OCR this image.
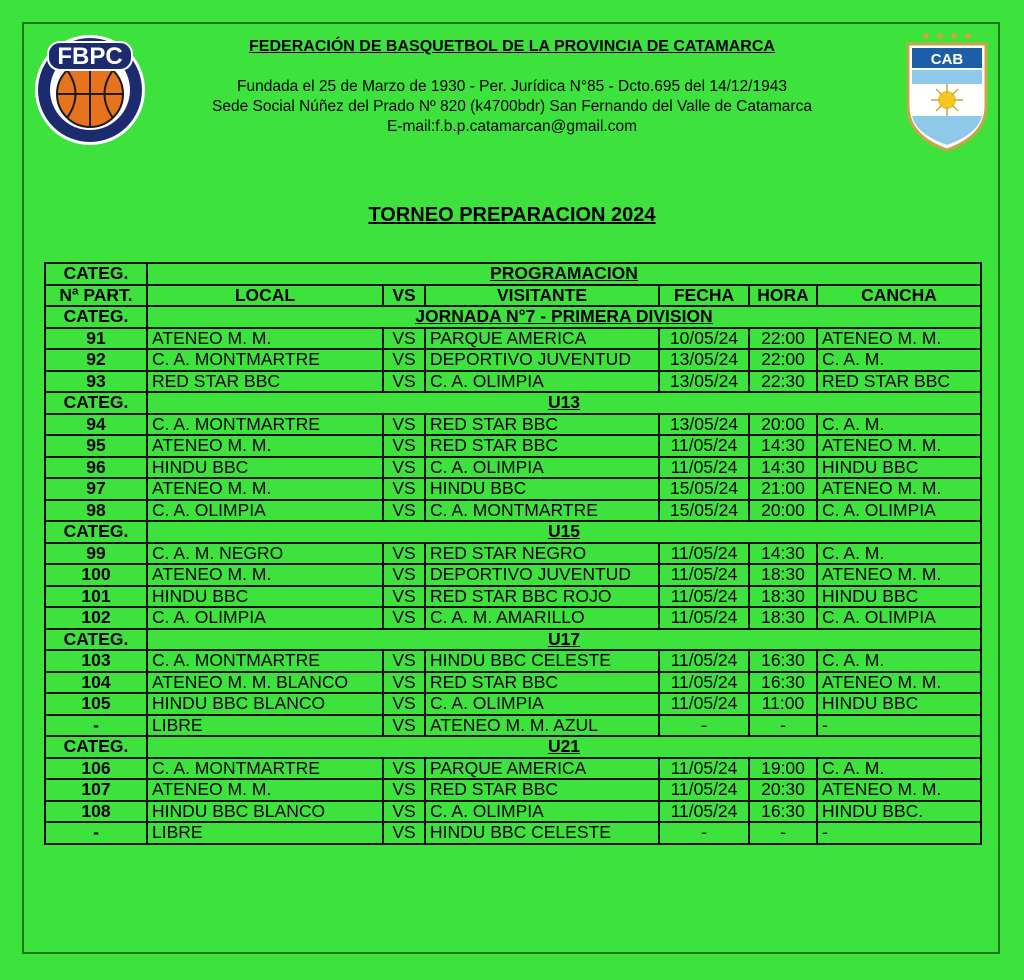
FBPC	CAB
FEDERACIÓN DE BASQUETBOL DE LA PROVINCIA DE CATAMARCA
Fundada el 25 de Marzo de 1930 - Per. Jurídica N°85 - Dcto.695 del 14/12/1943
Sede Social Núñez del Prado Nº 820 (k4700bdr) San Fernando del Valle de Catamarca
E-mail:f.b.p.catamarcan@gmail.com
TORNEO PREPARACION 2024
CATEG.	PROGRAMACION					
Nª PART.	LOCAL	VS	VISITANTE	FECHA	HORA	CANCHA
CATEG.	JORNADA N°7 - PRIMERA DIVISION					
91	ATENEO M. M.	VS	PARQUE AMERICA	10/05/24	22:00	ATENEO M. M.
92	C. A. MONTMARTRE	VS	DEPORTIVO JUVENTUD	13/05/24	22:00	C. A. M.
93	RED STAR BBC	VS	C. A. OLIMPIA	13/05/24	22:30	RED STAR BBC
CATEG.	U13					
94	C. A. MONTMARTRE	VS	RED STAR BBC	13/05/24	20:00	C. A. M.
95	ATENEO M. M.	VS	RED STAR BBC	11/05/24	14:30	ATENEO M. M.
96	HINDU BBC	VS	C. A. OLIMPIA	11/05/24	14:30	HINDU BBC
97	ATENEO M. M.	VS	HINDU BBC	15/05/24	21:00	ATENEO M. M.
98	C. A. OLIMPIA	VS	C. A. MONTMARTRE	15/05/24	20:00	C. A. OLIMPIA
CATEG.	U15					
99	C. A. M. NEGRO	VS	RED STAR NEGRO	11/05/24	14:30	C. A. M.
100	ATENEO M. M.	VS	DEPORTIVO JUVENTUD	11/05/24	18:30	ATENEO M. M.
101	HINDU BBC	VS	RED STAR BBC ROJO	11/05/24	18:30	HINDU BBC
102	C. A. OLIMPIA	VS	C. A. M. AMARILLO	11/05/24	18:30	C. A. OLIMPIA
CATEG.	U17					
103	C. A. MONTMARTRE	VS	HINDU BBC CELESTE	11/05/24	16:30	C. A. M.
104	ATENEO M. M. BLANCO	VS	RED STAR BBC	11/05/24	16:30	ATENEO M. M.
105	HINDU BBC BLANCO	VS	C. A. OLIMPIA	11/05/24	11:00	HINDU BBC
-	LIBRE	VS	ATENEO M. M. AZUL	-	-	-
CATEG.	U21					
106	C. A. MONTMARTRE	VS	PARQUE AMERICA	11/05/24	19:00	C. A. M.
107	ATENEO M. M.	VS	RED STAR BBC	11/05/24	20:30	ATENEO M. M.
108	HINDU BBC BLANCO	VS	C. A. OLIMPIA	11/05/24	16:30	HINDU BBC.
-	LIBRE	VS	HINDU BBC CELESTE	-	-	-
